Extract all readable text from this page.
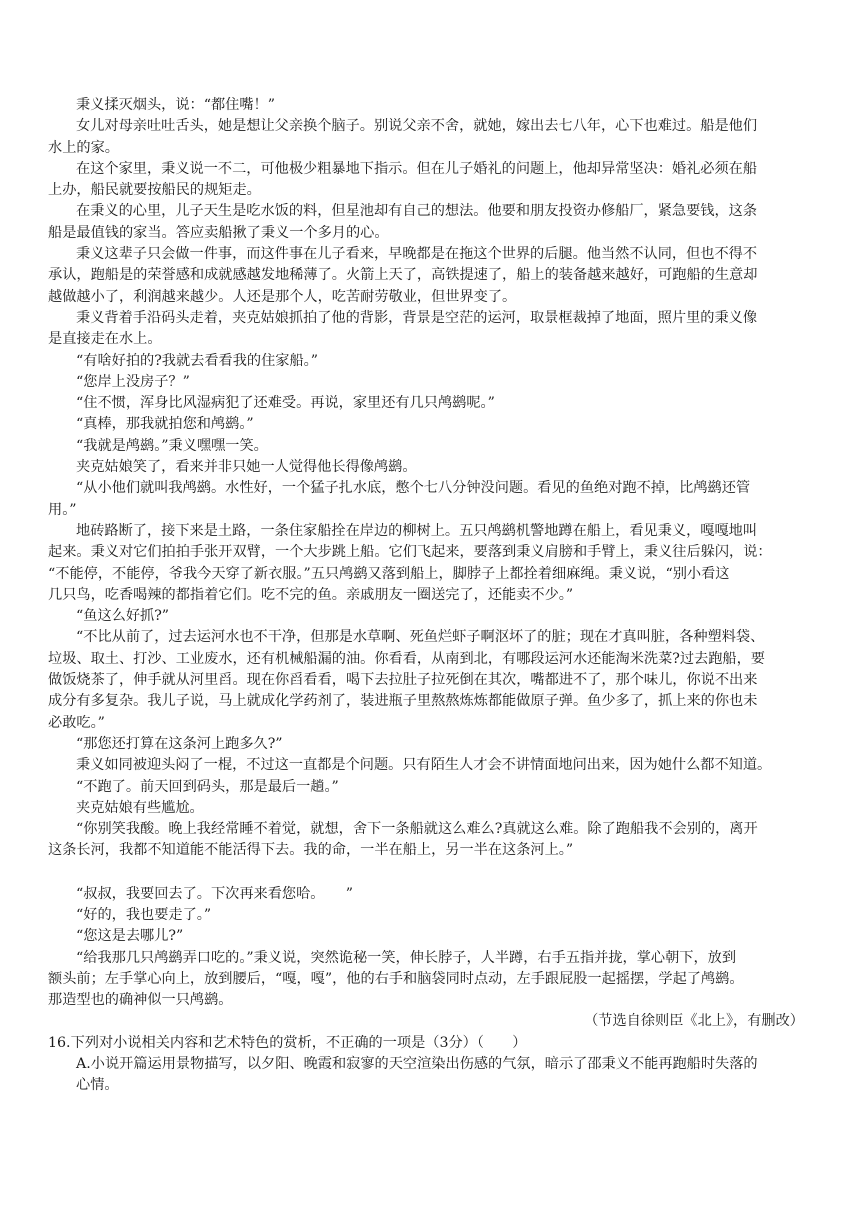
秉义揉灭烟头，说：“都住嘴！”

女儿对母亲吐吐舌头，她是想让父亲换个脑子。别说父亲不舍，就她，嫁出去七八年，心下也难过。船是他们

水上的家。

在这个家里，秉义说一不二，可他极少粗暴地下指示。但在儿子婚礼的问题上，他却异常坚决：婚礼必须在船

上办，船民就要按船民的规矩走。

在秉义的心里，儿子天生是吃水饭的料，但星池却有自己的想法。他要和朋友投资办修船厂，紧急要钱，这条

船是最值钱的家当。答应卖船揪了秉义一个多月的心。

秉义这辈子只会做一件事，而这件事在儿子看来，早晚都是在拖这个世界的后腿。他当然不认同，但也不得不

承认，跑船是的荣誉感和成就感越发地稀薄了。火箭上天了，高铁提速了，船上的装备越来越好，可跑船的生意却

越做越小了，利润越来越少。人还是那个人，吃苦耐劳敬业，但世界变了。

秉义背着手沿码头走着，夹克姑娘抓拍了他的背影，背景是空茫的运河，取景框裁掉了地面，照片里的秉义像

是直接走在水上。

“有啥好拍的?我就去看看我的住家船。”

“您岸上没房子？”

“住不惯，浑身比风湿病犯了还难受。再说，家里还有几只鸬鹚呢。”

“真棒，那我就拍您和鸬鹚。”

“我就是鸬鹚。”秉义嘿嘿一笑。

夹克姑娘笑了，看来并非只她一人觉得他长得像鸬鹚。

“从小他们就叫我鸬鹚。水性好，一个猛子扎水底，憋个七八分钟没问题。看见的鱼绝对跑不掉，比鸬鹚还管

用。”

地砖路断了，接下来是土路，一条住家船拴在岸边的柳树上。五只鸬鹚机警地蹲在船上，看见秉义，嘎嘎地叫

起来。秉义对它们拍拍手张开双臂，一个大步跳上船。它们飞起来，要落到秉义肩膀和手臂上，秉义往后躲闪，说：

“不能停，不能停，爷我今天穿了新衣服。”五只鸬鹚又落到船上，脚脖子上都拴着细麻绳。秉义说，“别小看这

几只鸟，吃香喝辣的都指着它们。吃不完的鱼。亲戚朋友一圈送完了，还能卖不少。”

“鱼这么好抓?”

“不比从前了，过去运河水也不干净，但那是水草啊、死鱼烂虾子啊沤坏了的脏；现在才真叫脏，各种塑料袋、

垃圾、取土、打沙、工业废水，还有机械船漏的油。你看看，从南到北，有哪段运河水还能淘米洗菜?过去跑船，要

做饭烧茶了，伸手就从河里舀。现在你舀看看，喝下去拉肚子拉死倒在其次，嘴都进不了，那个味儿，你说不出来

成分有多复杂。我儿子说，马上就成化学药剂了，装进瓶子里熬熬炼炼都能做原子弹。鱼少多了，抓上来的你也未

必敢吃。”

“那您还打算在这条河上跑多久?”

秉义如同被迎头闷了一棍，不过这一直都是个问题。只有陌生人才会不讲情面地问出来，因为她什么都不知道。

“不跑了。前天回到码头，那是最后一趟。”

夹克姑娘有些尴尬。

“你别笑我酸。晚上我经常睡不着觉，就想，舍下一条船就这么难么?真就这么难。除了跑船我不会别的，离开

这条长河，我都不知道能不能活得下去。我的命，一半在船上，另一半在这条河上。”

“叔叔，我要回去了。下次再来看您哈。　　”

“好的，我也要走了。”

“您这是去哪儿?”

“给我那几只鸬鹚弄口吃的。”秉义说，突然诡秘一笑，伸长脖子，人半蹲，右手五指并拢，掌心朝下，放到

额头前；左手掌心向上，放到腰后，“嘎，嘎”，他的右手和脑袋同时点动，左手跟屁股一起摇摆，学起了鸬鹚。

那造型也的确神似一只鸬鹚。

（节选自徐则臣《北上》，有删改）

16.下列对小说相关内容和艺术特色的赏析，不正确的一项是（3分）（　　）

A.小说开篇运用景物描写，以夕阳、晚霞和寂寥的天空渲染出伤感的气氛，暗示了邵秉义不能再跑船时失落的

心情。
